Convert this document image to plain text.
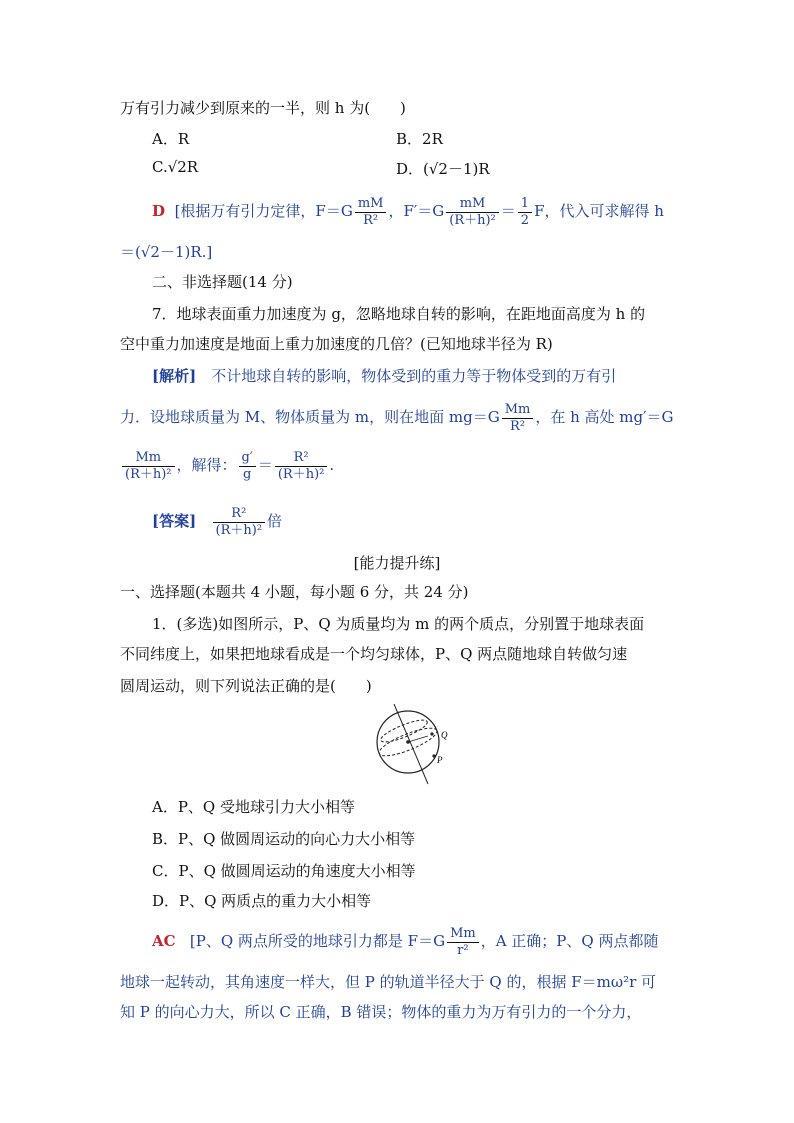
万有引力减少到原来的一半，则 h 为(　　)
A．R	B．2R
C.√2R	D．(√2－1)R
D [根据万有引力定律，$F=G \frac{mM}{\text{R²}}$ ，$F'=G \frac{mM}{\text{(R＋h)²}} = \frac{1}{2}$ F，代入可求解得 h
＝(√2－1)R.]
二、非选择题(14 分)
7．地球表面重力加速度为 g，忽略地球自转的影响，在距地面高度为 h 的
空中重力加速度是地面上重力加速度的几倍？(已知地球半径为 R)
[解析]　不计地球自转的影响，物体受到的重力等于物体受到的万有引
力．设地球质量为 M、物体质量为 m，则在地面 $mg=G \frac{Mm}{\text{R²}}$ ，在 h 高处 mg′＝G
$\frac{Mm}{\text{(R＋h)²}}$ ，解得： $\frac{g'}{g} = \frac{\text{R²}}{\text{(R＋h)²}}$ .
[答案] $\frac{\text{R²}}{\text{(R＋h)²}}$ 倍
[能力提升练]
一、选择题(本题共 4 小题，每小题 6 分，共 24 分)
1．(多选)如图所示，P、Q 为质量均为 m 的两个质点，分别置于地球表面
不同纬度上，如果把地球看成是一个均匀球体，P、Q 两点随地球自转做匀速
圆周运动，则下列说法正确的是(　　)
Q
P
A．P、Q 受地球引力大小相等
B．P、Q 做圆周运动的向心力大小相等
C．P、Q 做圆周运动的角速度大小相等
D．P、Q 两质点的重力大小相等
AC [P、Q 两点所受的地球引力都是 $F=G \frac{Mm}{\text{r²}}$ ，A 正确；P、Q 两点都随
地球一起转动，其角速度一样大，但 P 的轨道半径大于 Q 的，根据 F＝mω²r 可
知 P 的向心力大，所以 C 正确，B 错误；物体的重力为万有引力的一个分力，
